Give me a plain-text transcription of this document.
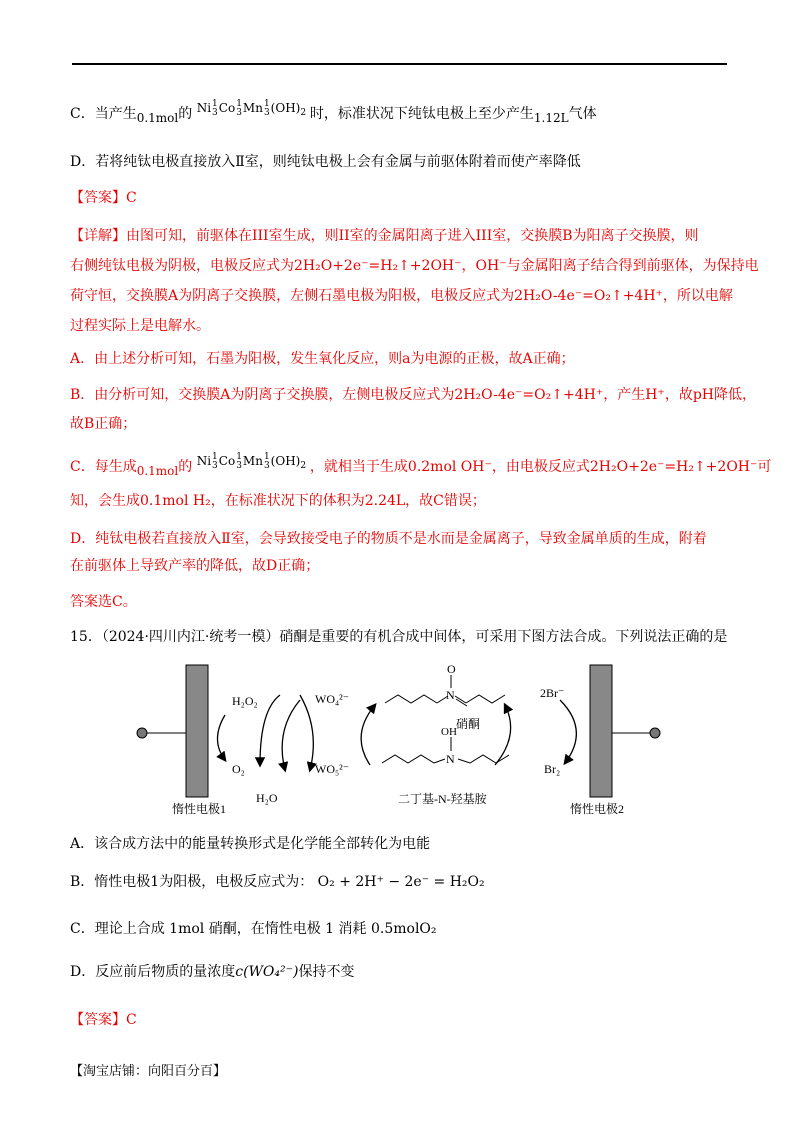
C．当产生0.1mol的 Ni1
3Co1
3Mn1
$3(OH)_2$ 时，标准状况下纯钛电极上至少产生1.12L气体
D．若将纯钛电极直接放入Ⅱ室，则纯钛电极上会有金属与前驱体附着而使产率降低
【答案】C
【详解】由图可知，前驱体在III室生成，则II室的金属阳离子进入III室，交换膜B为阳离子交换膜，则
右侧纯钛电极为阴极，电极反应式为2H₂O+2e⁻=H₂↑+2OH⁻，OH⁻与金属阳离子结合得到前驱体，为保持电
荷守恒，交换膜A为阴离子交换膜，左侧石墨电极为阳极，电极反应式为2H₂O-4e⁻=O₂↑+4H⁺，所以电解
过程实际上是电解水。
A．由上述分析可知，石墨为阳极，发生氧化反应，则a为电源的正极，故A正确；
B．由分析可知，交换膜A为阴离子交换膜，左侧电极反应式为2H₂O-4e⁻=O₂↑+4H⁺，产生H⁺，故pH降低，
故B正确；
C．每生成0.1mol的 Ni1
3Co1
3Mn1
$3(OH)_2$ ，就相当于生成0.2mol OH⁻，由电极反应式2H₂O+2e⁻=H₂↑+2OH⁻可
知，会生成0.1mol H₂，在标准状况下的体积为2.24L，故C错误；
D．纯钛电极若直接放入Ⅱ室，会导致接受电子的物质不是水而是金属离子，导致金属单质的生成，附着
在前驱体上导致产率的降低，故D正确；
答案选C。
15．（2024·四川内江·统考一模）硝酮是重要的有机合成中间体，可采用下图方法合成。下列说法正确的是
O
N
硝酮
OH
N
二丁基-N-羟基胺
H₂O₂
O₂
H₂O
WO₄²⁻
WO₅²⁻
2Br⁻
Br₂
惰性电极1	惰性电极2
A．该合成方法中的能量转换形式是化学能全部转化为电能
B．惰性电极1为阳极，电极反应式为： O₂ + 2H⁺ − 2e⁻ = H₂O₂
C．理论上合成 1mol 硝酮，在惰性电极 1 消耗 0.5molO₂
D．反应前后物质的量浓度c(WO₄²⁻)保持不变
【答案】C
【淘宝店铺：向阳百分百】
